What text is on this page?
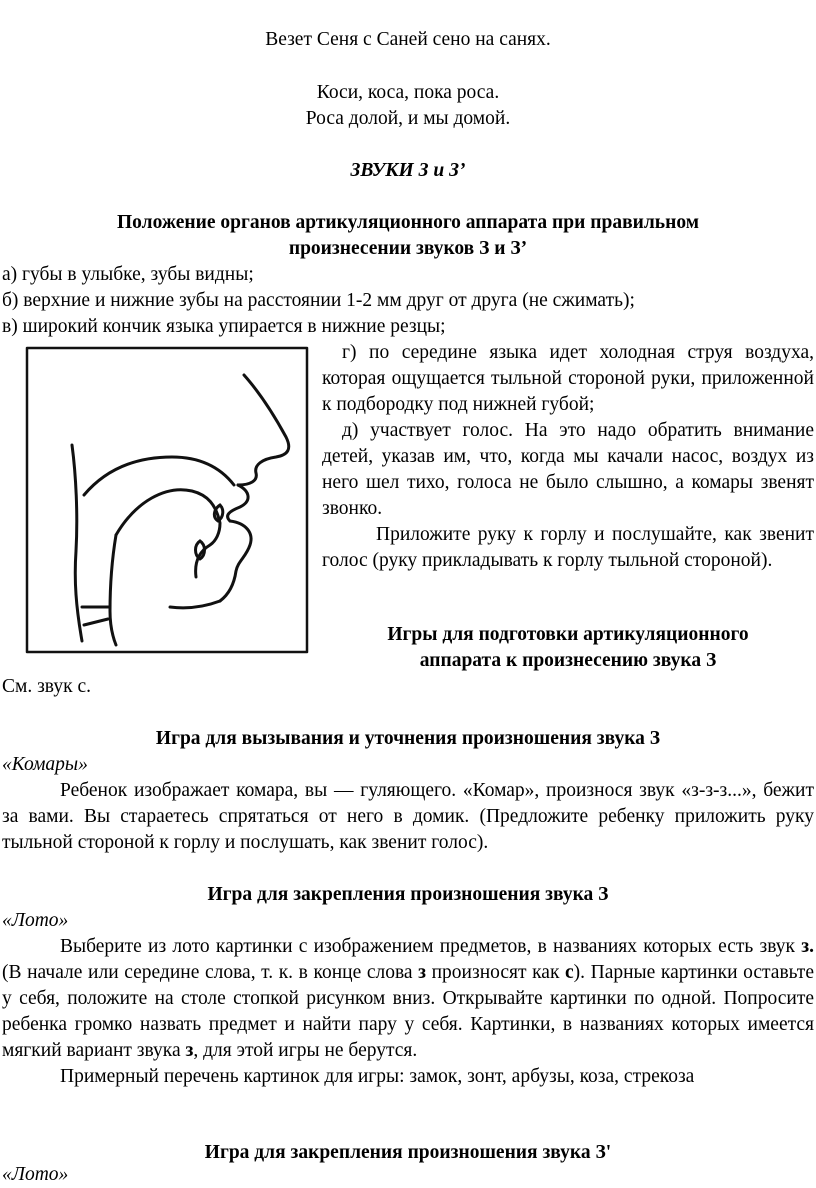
Везет Сеня с Саней сено на санях.
Коси, коса, пока роса.
Роса долой, и мы домой.
ЗВУКИ З и З’
Положение органов артикуляционного аппарата при правильном
произнесении звуков З и З’
а) губы в улыбке, зубы видны;
б) верхние и нижние зубы на расстоянии 1-2 мм друг от друга (не сжимать);
в) широкий кончик языка упирается в нижние резцы;

г) по середине языка идет холодная струя воздуха, которая ощущается тыльной стороной руки, приложенной к подбородку под нижней губой;

д) участвует голос. На это надо обратить внимание детей, указав им, что, когда мы качали насос, воздух из него шел тихо, голоса не было слышно, а комары звенят звонко.

Приложите руку к горлу и послушайте, как звенит голос (руку прикладывать к горлу тыльной стороной).

Игры для подготовки артикуляционного
аппарата к произнесению звука З
См. звук с.
Игра для вызывания и уточнения произношения звука З
«Комары»

Ребенок изображает комара, вы — гуляющего. «Комар», произнося звук «з-з-з...», бежит за вами. Вы стараетесь спрятаться от него в домик. (Предложите ребенку приложить руку тыльной стороной к горлу и послушать, как звенит голос).

Игра для закрепления произношения звука З
«Лото»

Выберите из лото картинки с изображением предметов, в названиях которых есть звук з. (В начале или середине слова, т. к. в конце слова з произносят как с). Парные картинки оставьте у себя, положите на столе стопкой рисунком вниз. Открывайте картинки по одной. Попросите ребенка громко назвать предмет и найти пару у себя. Картинки, в названиях которых имеется мягкий вариант звука з, для этой игры не берутся.

Примерный перечень картинок для игры: замок, зонт, арбузы, коза, стрекоза

Игра для закрепления произношения звука З'
«Лото»
